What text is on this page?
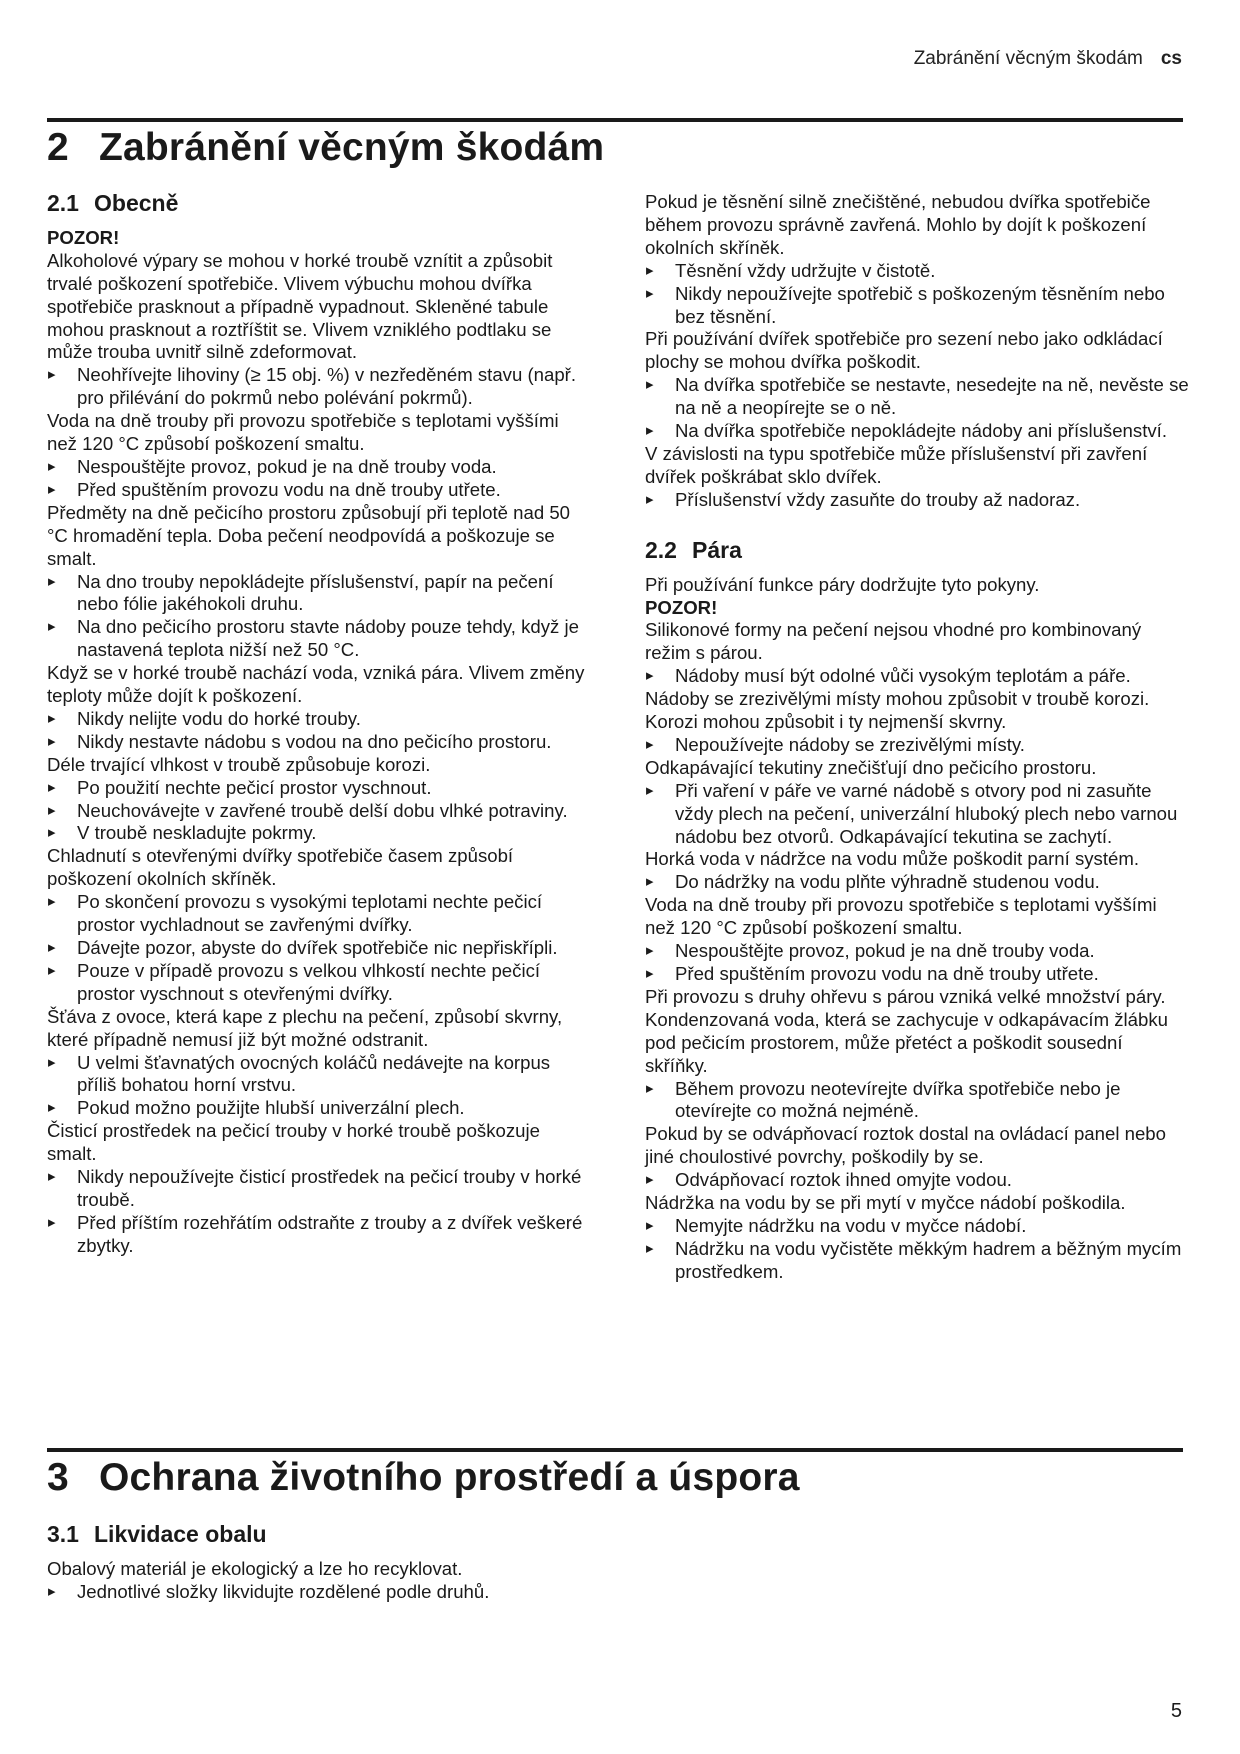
Zabránění věcným škodám cs
2 Zabránění věcným škodám
2.1 Obecně

POZOR!

Alkoholové výpary se mohou v horké troubě vznítit a způsobit trvalé poškození spotřebiče. Vlivem výbuchu mohou dvířka spotřebiče prasknout a případně vypadnout. Skleněné tabule mohou prasknout a roztříštit se. Vlivem vzniklého podtlaku se může trouba uvnitř silně zdeformovat.

▸ Neohřívejte lihoviny (≥ 15 obj. %) v nezředěném stavu (např. pro přilévání do pokrmů nebo polévání pokrmů).

Voda na dně trouby při provozu spotřebiče s teplotami vyššími než 120 °C způsobí poškození smaltu.

▸ Nespouštějte provoz, pokud je na dně trouby voda.
▸ Před spuštěním provozu vodu na dně trouby utřete.

Předměty na dně pečicího prostoru způsobují při teplotě nad 50 °C hromadění tepla. Doba pečení neodpovídá a poškozuje se smalt.

▸ Na dno trouby nepokládejte příslušenství, papír na pečení nebo fólie jakéhokoli druhu.
▸ Na dno pečicího prostoru stavte nádoby pouze tehdy, když je nastavená teplota nižší než 50 °C.

Když se v horké troubě nachází voda, vzniká pára. Vlivem změny teploty může dojít k poškození.

▸ Nikdy nelijte vodu do horké trouby.
▸ Nikdy nestavte nádobu s vodou na dno pečicího prostoru.

Déle trvající vlhkost v troubě způsobuje korozi.

▸ Po použití nechte pečicí prostor vyschnout.
▸ Neuchovávejte v zavřené troubě delší dobu vlhké potraviny.
▸ V troubě neskladujte pokrmy.

Chladnutí s otevřenými dvířky spotřebiče časem způsobí poškození okolních skříněk.

▸ Po skončení provozu s vysokými teplotami nechte pečicí prostor vychladnout se zavřenými dvířky.
▸ Dávejte pozor, abyste do dvířek spotřebiče nic nepřiskřípli.
▸ Pouze v případě provozu s velkou vlhkostí nechte pečicí prostor vyschnout s otevřenými dvířky.

Šťáva z ovoce, která kape z plechu na pečení, způsobí skvrny, které případně nemusí již být možné odstranit.

▸ U velmi šťavnatých ovocných koláčů nedávejte na korpus příliš bohatou horní vrstvu.
▸ Pokud možno použijte hlubší univerzální plech.

Čisticí prostředek na pečicí trouby v horké troubě poškozuje smalt.

▸ Nikdy nepoužívejte čisticí prostředek na pečicí trouby v horké troubě.
▸ Před příštím rozehřátím odstraňte z trouby a z dvířek veškeré zbytky.

Pokud je těsnění silně znečištěné, nebudou dvířka spotřebiče během provozu správně zavřená. Mohlo by dojít k poškození okolních skříněk.

▸ Těsnění vždy udržujte v čistotě.
▸ Nikdy nepoužívejte spotřebič s poškozeným těsněním nebo bez těsnění.

Při používání dvířek spotřebiče pro sezení nebo jako odkládací plochy se mohou dvířka poškodit.

▸ Na dvířka spotřebiče se nestavte, nesedejte na ně, nevěste se na ně a neopírejte se o ně.
▸ Na dvířka spotřebiče nepokládejte nádoby ani příslušenství.

V závislosti na typu spotřebiče může příslušenství při zavření dvířek poškrábat sklo dvířek.

▸ Příslušenství vždy zasuňte do trouby až nadoraz.
2.2 Pára

Při používání funkce páry dodržujte tyto pokyny.

POZOR!

Silikonové formy na pečení nejsou vhodné pro kombinovaný režim s párou.

▸ Nádoby musí být odolné vůči vysokým teplotám a páře.

Nádoby se zrezivělými místy mohou způsobit v troubě korozi. Korozi mohou způsobit i ty nejmenší skvrny.

▸ Nepoužívejte nádoby se zrezivělými místy.

Odkapávající tekutiny znečišťují dno pečicího prostoru.

▸ Při vaření v páře ve varné nádobě s otvory pod ni zasuňte vždy plech na pečení, univerzální hluboký plech nebo varnou nádobu bez otvorů. Odkapávající tekutina se zachytí.

Horká voda v nádržce na vodu může poškodit parní systém.

▸ Do nádržky na vodu plňte výhradně studenou vodu.

Voda na dně trouby při provozu spotřebiče s teplotami vyššími než 120 °C způsobí poškození smaltu.

▸ Nespouštějte provoz, pokud je na dně trouby voda.
▸ Před spuštěním provozu vodu na dně trouby utřete.

Při provozu s druhy ohřevu s párou vzniká velké množství páry. Kondenzovaná voda, která se zachycuje v odkapávacím žlábku pod pečicím prostorem, může přetéct a poškodit sousední skříňky.

▸ Během provozu neotevírejte dvířka spotřebiče nebo je otevírejte co možná nejméně.

Pokud by se odvápňovací roztok dostal na ovládací panel nebo jiné choulostivé povrchy, poškodily by se.

▸ Odvápňovací roztok ihned omyjte vodou.

Nádržka na vodu by se při mytí v myčce nádobí poškodila.

▸ Nemyjte nádržku na vodu v myčce nádobí.
▸ Nádržku na vodu vyčistěte měkkým hadrem a běžným mycím prostředkem.
3 Ochrana životního prostředí a úspora
3.1 Likvidace obalu

Obalový materiál je ekologický a lze ho recyklovat.

▸ Jednotlivé složky likvidujte rozdělené podle druhů.
5
